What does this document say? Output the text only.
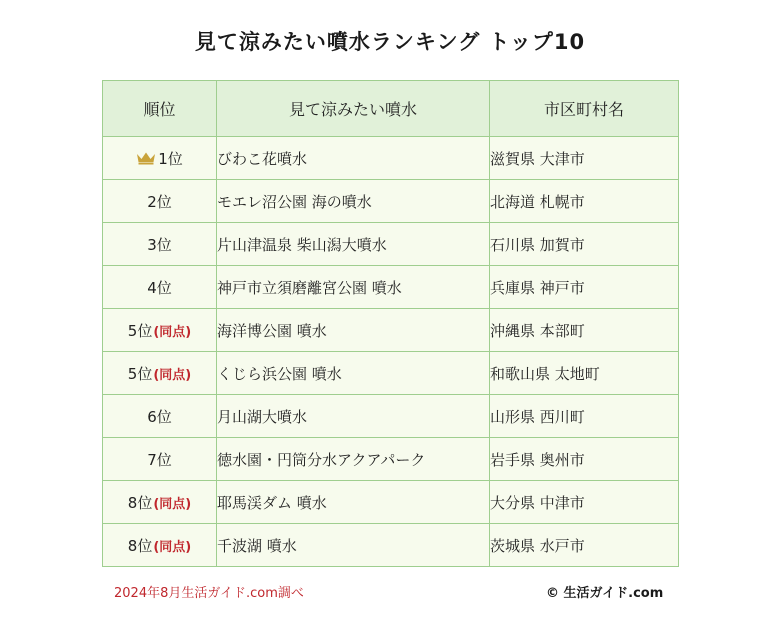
見て涼みたい噴水ランキング トップ10
順位	見て涼みたい噴水	市区町村名
1位	びわこ花噴水	滋賀県 大津市
2位	モエレ沼公園 海の噴水	北海道 札幌市
3位	片山津温泉 柴山潟大噴水	石川県 加賀市
4位	神戸市立須磨離宮公園 噴水	兵庫県 神戸市
5位(同点)	海洋博公園 噴水	沖縄県 本部町
5位(同点)	くじら浜公園 噴水	和歌山県 太地町
6位	月山湖大噴水	山形県 西川町
7位	徳水園・円筒分水アクアパーク	岩手県 奥州市
8位(同点)	耶馬渓ダム 噴水	大分県 中津市
8位(同点)	千波湖 噴水	茨城県 水戸市
2024年8月生活ガイド.com調べ	© 生活ガイド.com
